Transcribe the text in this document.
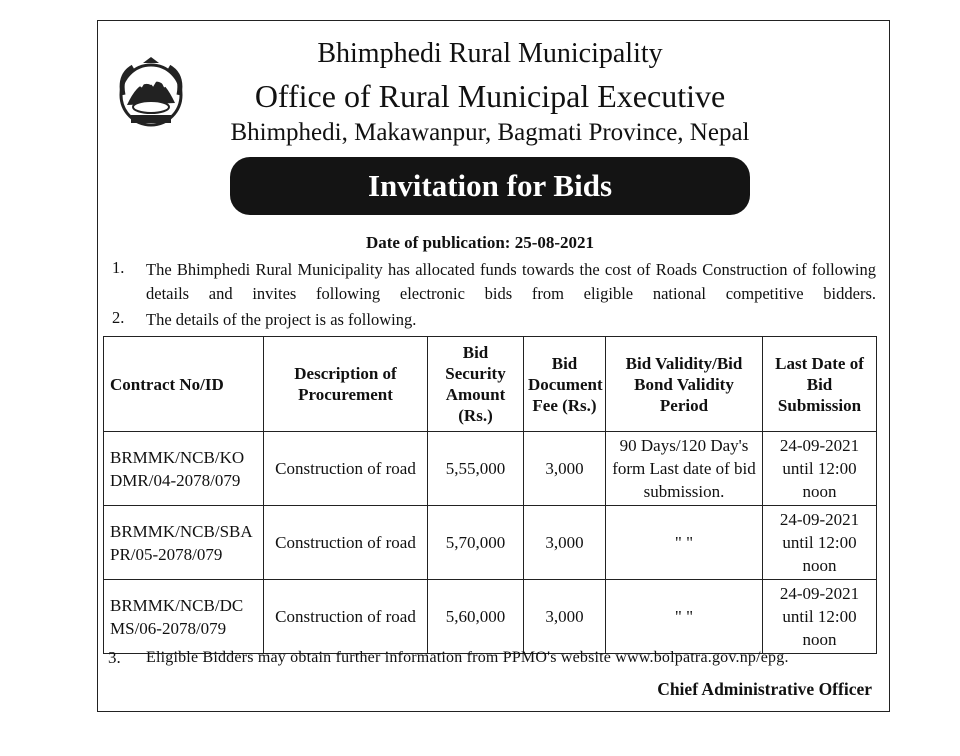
Bhimphedi Rural Municipality
Office of Rural Municipal Executive
Bhimphedi, Makawanpur, Bagmati Province, Nepal
Invitation for Bids
Date of publication: 25-08-2021
1. The Bhimphedi Rural Municipality has allocated funds towards the cost of Roads Construction of following
details and invites following electronic bids from eligible national competitive bidders.
2. The details of the project is as following.
Contract No/ID	Description of Procurement	Bid Security Amount (Rs.)	Bid Document Fee (Rs.)	Bid Validity/Bid Bond Validity Period	Last Date of Bid Submission

BRMMK/NCB/KO
DMR/04-2078/079	Construction of road	5,55,000	3,000	90 Days/120 Day's form Last date of bid submission.	24-09-2021 until 12:00 noon

BRMMK/NCB/SBA
PR/05-2078/079	Construction of road	5,70,000	3,000	" "	24-09-2021 until 12:00 noon

BRMMK/NCB/DC
MS/06-2078/079	Construction of road	5,60,000	3,000	" "	24-09-2021 until 12:00 noon
3. Eligible Bidders may obtain further information from PPMO's website www.bolpatra.gov.np/epg.
Chief Administrative Officer
